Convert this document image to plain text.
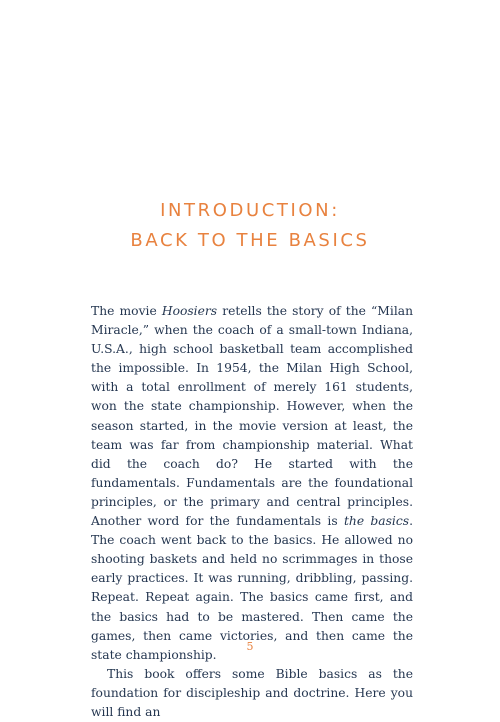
INTRODUCTION:
BACK TO THE BASICS

The movie Hoosiers retells the story of the “Milan Miracle,” when the coach of a small-town Indiana, U.S.A., high school basketball team accomplished the impossible. In 1954, the Milan High School, with a total enrollment of merely 161 students, won the state championship. However, when the season started, in the movie version at least, the team was far from championship material. What did the coach do? He started with the fundamentals. Fundamentals are the foundational principles, or the primary and central principles. Another word for the fundamentals is the basics. The coach went back to the basics. He allowed no shooting baskets and held no scrimmages in those early practices. It was running, dribbling, passing. Repeat. Repeat again. The basics came first, and the basics had to be mastered. Then came the games, then came victories, and then came the state championship.

This book offers some Bible basics as the foundation for discipleship and doctrine. Here you will find an

5
